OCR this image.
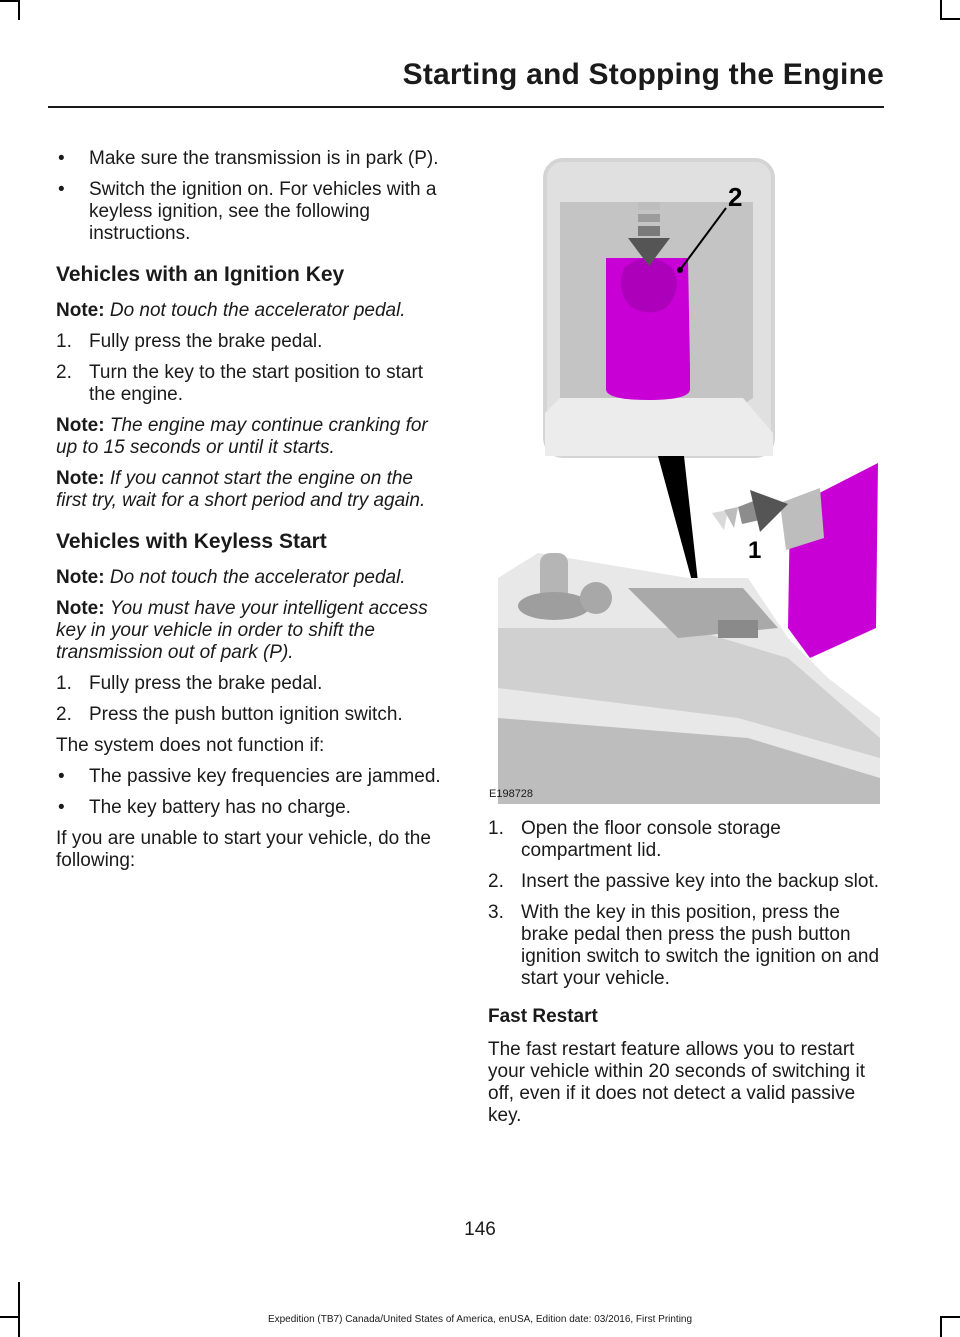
Starting and Stopping the Engine
• Make sure the transmission is in park (P).
• Switch the ignition on. For vehicles with a keyless ignition, see the following instructions.
Vehicles with an Ignition Key
Note: Do not touch the accelerator pedal.
1. Fully press the brake pedal.
2. Turn the key to the start position to start the engine.
Note: The engine may continue cranking for up to 15 seconds or until it starts.
Note: If you cannot start the engine on the first try, wait for a short period and try again.
Vehicles with Keyless Start
Note: Do not touch the accelerator pedal.
Note: You must have your intelligent access key in your vehicle in order to shift the transmission out of park (P).
1. Fully press the brake pedal.
2. Press the push button ignition switch.
The system does not function if:
• The passive key frequencies are jammed.
• The key battery has no charge.
If you are unable to start your vehicle, do the following:
2
1
E198728
1. Open the floor console storage compartment lid.
2. Insert the passive key into the backup slot.
3. With the key in this position, press the brake pedal then press the push button ignition switch to switch the ignition on and start your vehicle.
Fast Restart
The fast restart feature allows you to restart your vehicle within 20 seconds of switching it off, even if it does not detect a valid passive key.
146
Expedition (TB7) Canada/United States of America, enUSA, Edition date: 03/2016, First Printing
